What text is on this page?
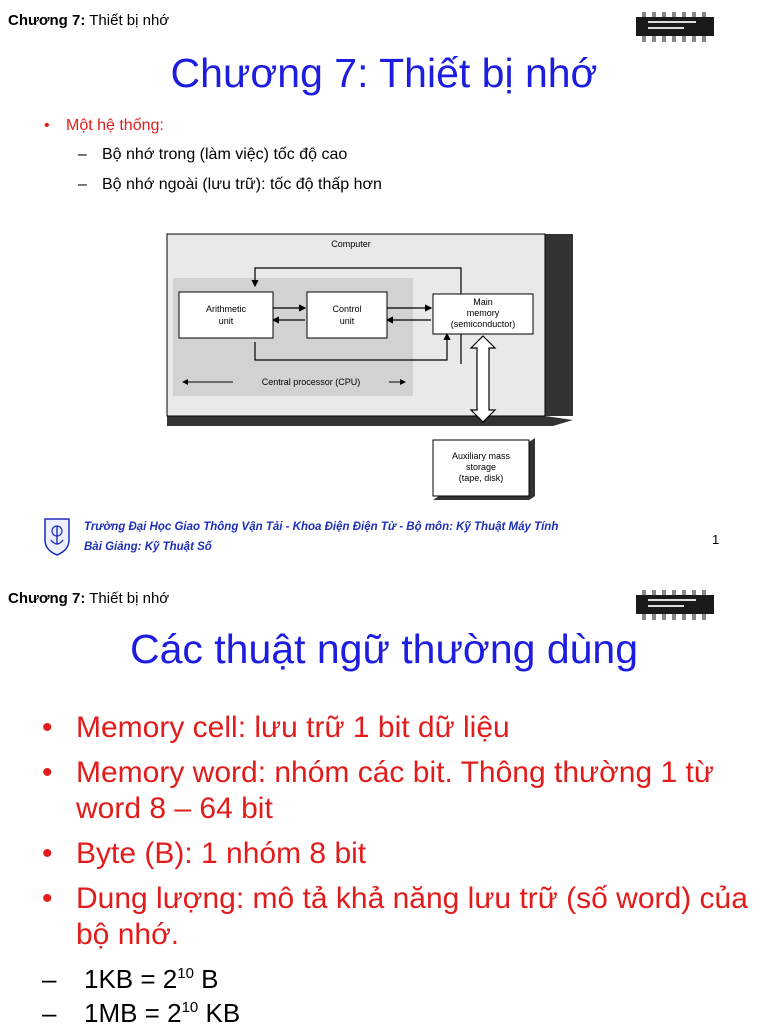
Chương 7: Thiết bị nhớ
Chương 7: Thiết bị nhớ
• Một hệ thống:
– Bộ nhớ trong (làm việc) tốc độ cao
– Bộ nhớ ngoài (lưu trữ): tốc độ thấp hơn
Computer
Arithmetic
unit
Control
unit
Main
memory
(semiconductor)
Central processor (CPU)
Auxiliary mass
storage
(tape, disk)
Trường Đại Học Giao Thông Vận Tải - Khoa Điện Điện Tử - Bộ môn: Kỹ Thuật Máy Tính
Bài Giảng: Kỹ Thuật Số	1
Chương 7: Thiết bị nhớ
Các thuật ngữ thường dùng
• Memory cell: lưu trữ 1 bit dữ liệu
• Memory word: nhóm các bit. Thông thường 1 từ word 8 – 64 bit
• Byte (B): 1 nhóm 8 bit
• Dung lượng: mô tả khả năng lưu trữ (số word) của bộ nhớ.
– $1KB = 2^{10}$ B
– $1MB = 2^{10}$ KB
